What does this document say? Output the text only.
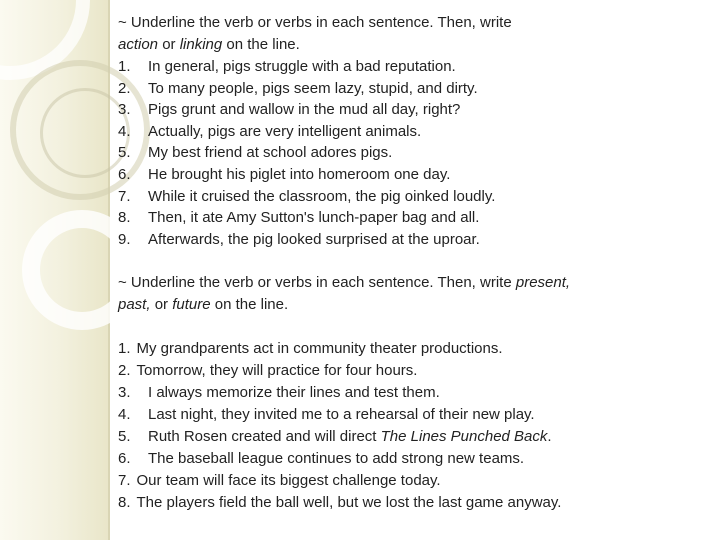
~ Underline the verb or verbs in each sentence. Then, write

action or linking on the line.

1. In general, pigs struggle with a bad reputation.

2. To many people, pigs seem lazy, stupid, and dirty.

3. Pigs grunt and wallow in the mud all day, right?

4. Actually, pigs are very intelligent animals.

5. My best friend at school adores pigs.

6. He brought his piglet into homeroom one day.

7. While it cruised the classroom, the pig oinked loudly.

8. Then, it ate Amy Sutton's lunch-paper bag and all.

9. Afterwards, the pig looked surprised at the uproar.

~ Underline the verb or verbs in each sentence. Then, write present,

past, or future on the line.

1. My grandparents act in community theater productions.

2. Tomorrow, they will practice for four hours.

3. I always memorize their lines and test them.

4. Last night, they invited me to a rehearsal of their new play.

5. Ruth Rosen created and will direct The Lines Punched Back.

6. The baseball league continues to add strong new teams.

7. Our team will face its biggest challenge today.

8. The players field the ball well, but we lost the last game anyway.
